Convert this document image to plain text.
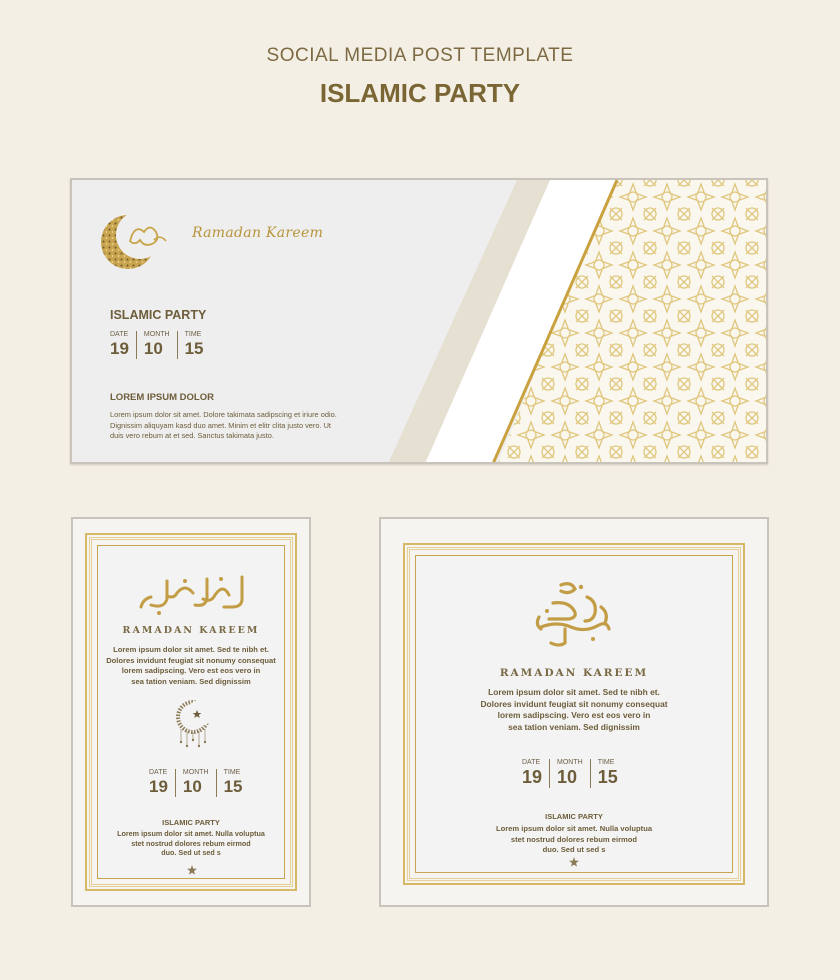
SOCIAL MEDIA POST TEMPLATE
ISLAMIC PARTY
Ramadan Kareem
ISLAMIC PARTY
DATE
19
MONTH
10
TIME
15
LOREM IPSUM DOLOR
Lorem ipsum dolor sit amet. Dolore takimata sadipscing et iriure odio.
Dignissim aliquyam kasd duo amet. Minim et elitr clita justo vero. Ut
duis vero rebum at et sed. Sanctus takimata justo.
RAMADAN KAREEM
Lorem ipsum dolor sit amet. Sed te nibh et.
Dolores invidunt feugiat sit nonumy consequat
lorem sadipscing. Vero est eos vero in
sea tation veniam. Sed dignissim
DATE
19
MONTH
10
TIME
15
ISLAMIC PARTY
Lorem ipsum dolor sit amet. Nulla voluptua
stet nostrud dolores rebum eirmod
duo. Sed ut sed s
RAMADAN KAREEM
Lorem ipsum dolor sit amet. Sed te nibh et.
Dolores invidunt feugiat sit nonumy consequat
lorem sadipscing. Vero est eos vero in
sea tation veniam. Sed dignissim
DATE
19
MONTH
10
TIME
15
ISLAMIC PARTY
Lorem ipsum dolor sit amet. Nulla voluptua
stet nostrud dolores rebum eirmod
duo. Sed ut sed s
